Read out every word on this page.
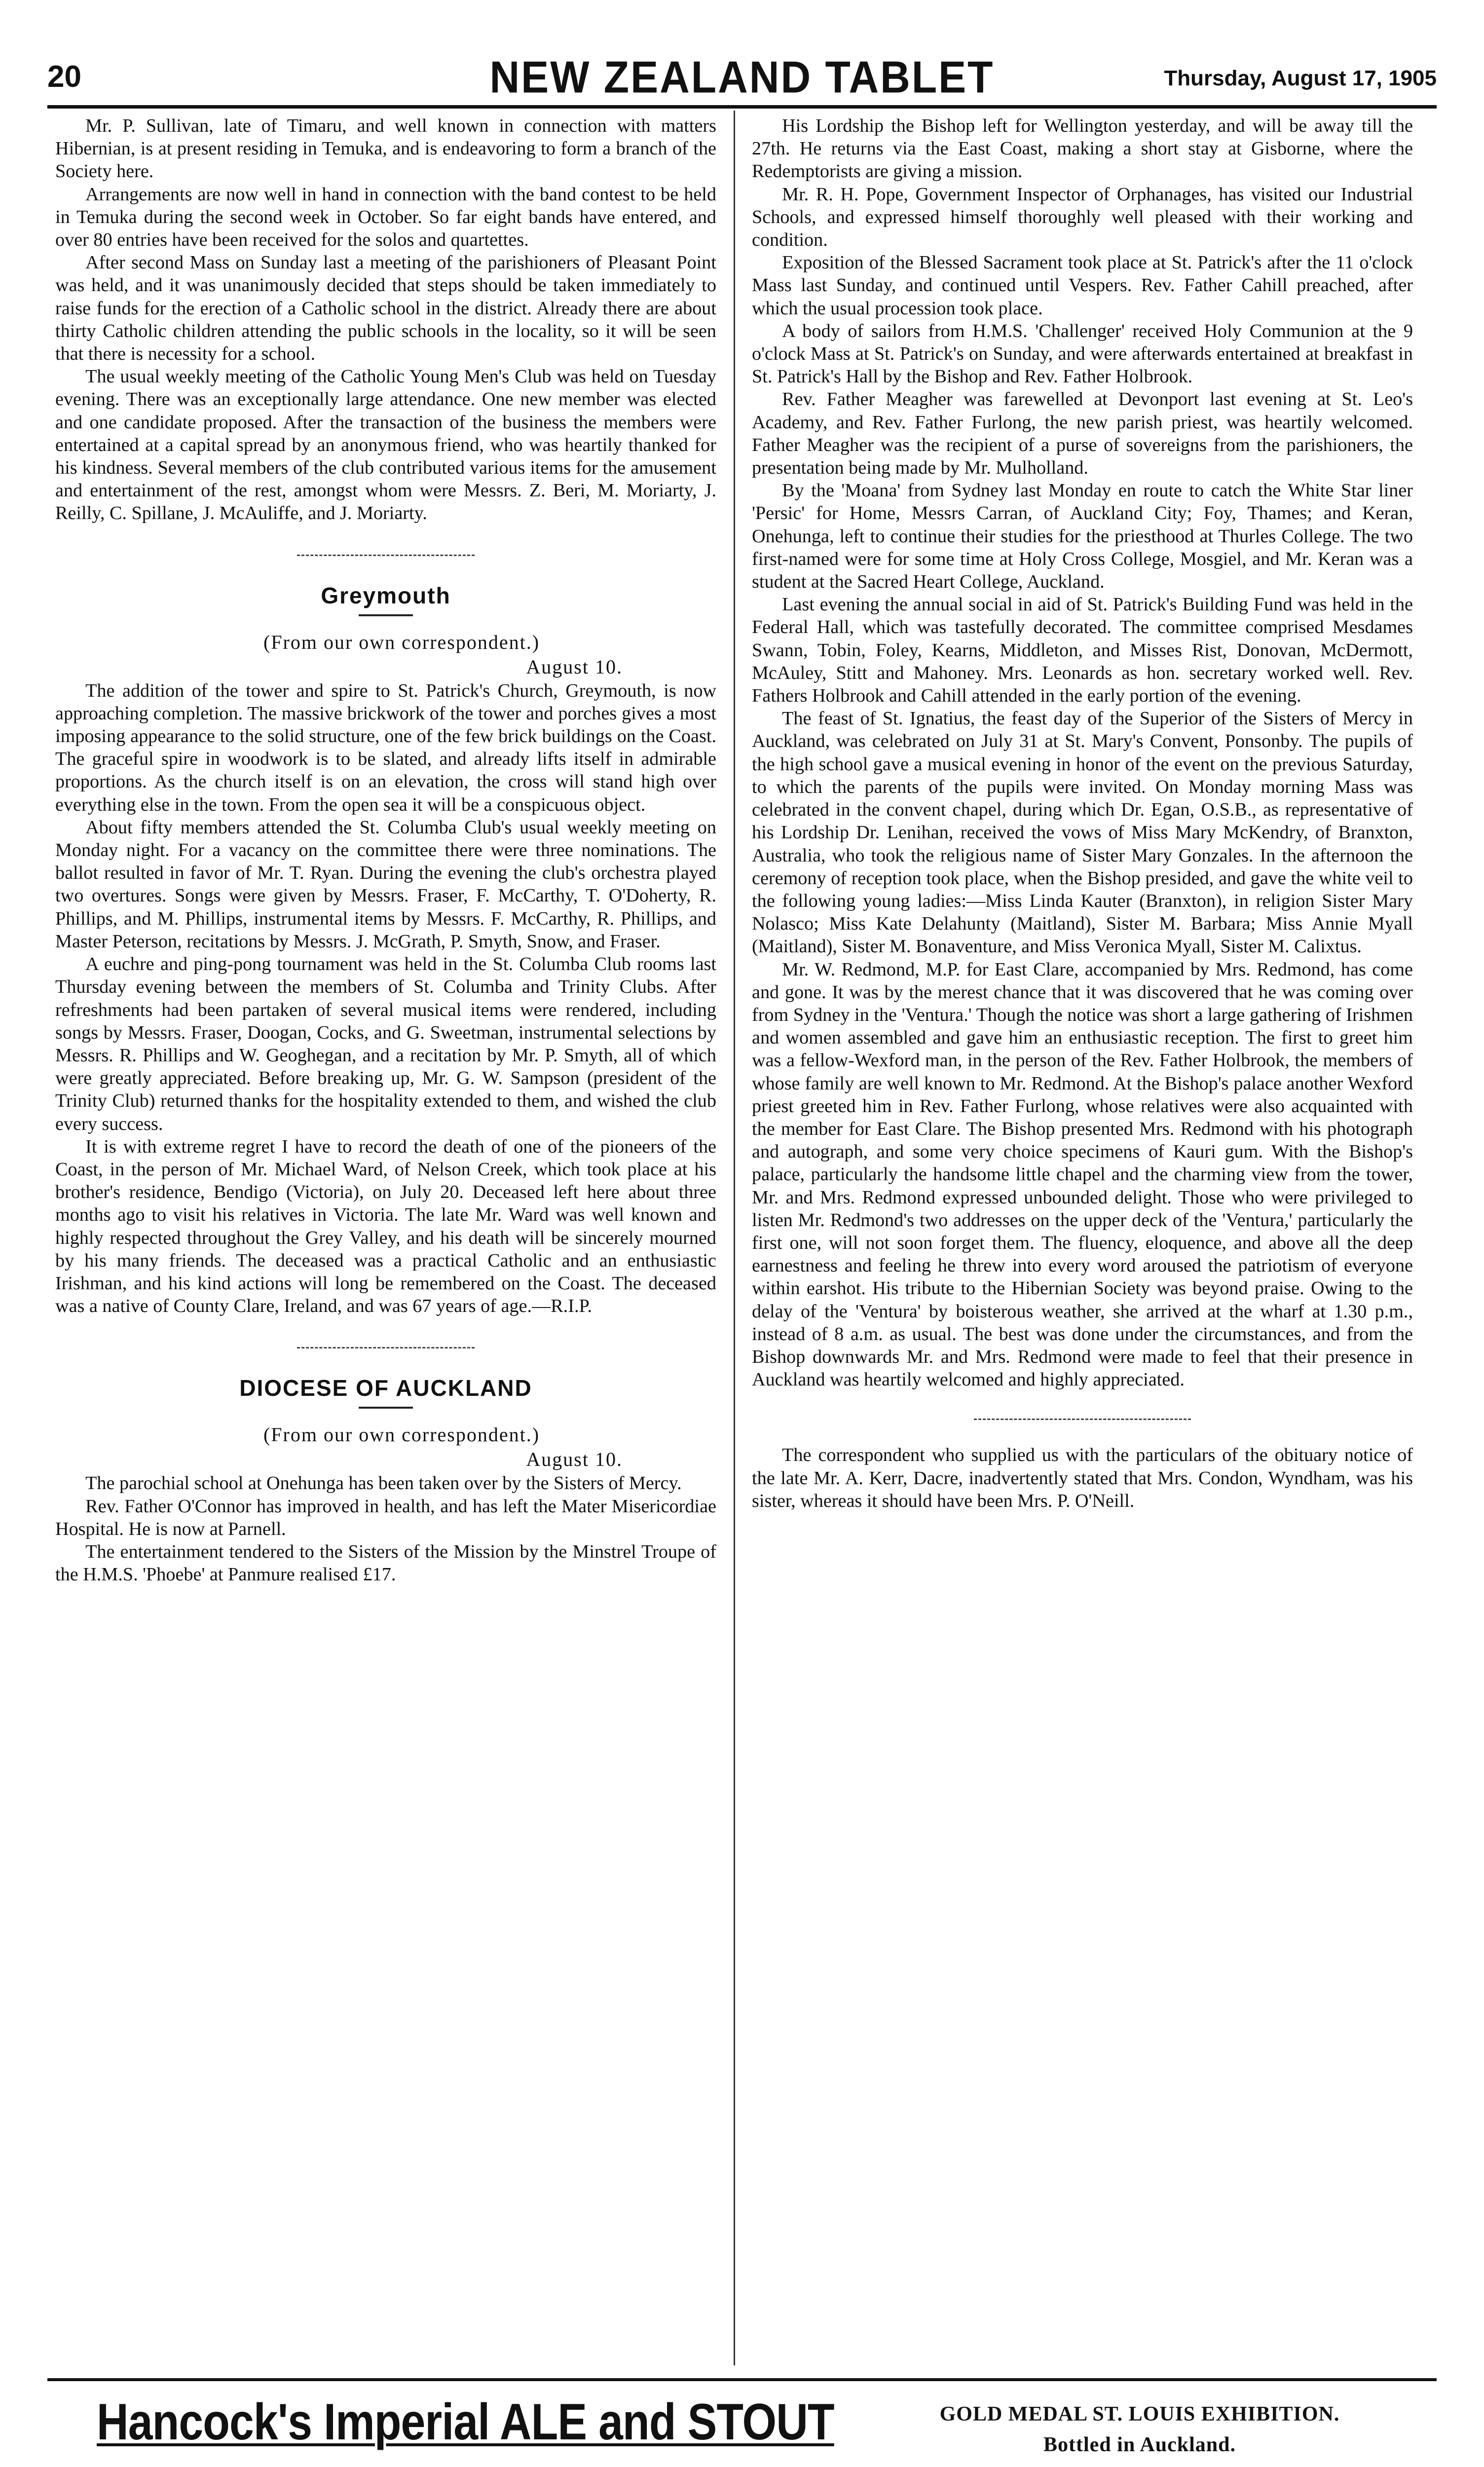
20	NEW ZEALAND TABLET	Thursday, August 17, 1905

Mr. P. Sullivan, late of Timaru, and well known in connection with matters Hibernian, is at present residing in Temuka, and is endeavoring to form a branch of the Society here.

Arrangements are now well in hand in connection with the band contest to be held in Temuka during the second week in October. So far eight bands have entered, and over 80 entries have been received for the solos and quartettes.

After second Mass on Sunday last a meeting of the parishioners of Pleasant Point was held, and it was unanimously decided that steps should be taken immediately to raise funds for the erection of a Catholic school in the district. Already there are about thirty Catholic children attending the public schools in the locality, so it will be seen that there is necessity for a school.

The usual weekly meeting of the Catholic Young Men's Club was held on Tuesday evening. There was an exceptionally large attendance. One new member was elected and one candidate proposed. After the transaction of the business the members were entertained at a capital spread by an anonymous friend, who was heartily thanked for his kindness. Several members of the club contributed various items for the amusement and entertainment of the rest, amongst whom were Messrs. Z. Beri, M. Moriarty, J. Reilly, C. Spillane, J. McAuliffe, and J. Moriarty.

Greymouth

(From our own correspondent.)

August 10.

The addition of the tower and spire to St. Patrick's Church, Greymouth, is now approaching completion. The massive brickwork of the tower and porches gives a most imposing appearance to the solid structure, one of the few brick buildings on the Coast. The graceful spire in woodwork is to be slated, and already lifts itself in admirable proportions. As the church itself is on an elevation, the cross will stand high over everything else in the town. From the open sea it will be a conspicuous object.

About fifty members attended the St. Columba Club's usual weekly meeting on Monday night. For a vacancy on the committee there were three nominations. The ballot resulted in favor of Mr. T. Ryan. During the evening the club's orchestra played two overtures. Songs were given by Messrs. Fraser, F. McCarthy, T. O'Doherty, R. Phillips, and M. Phillips, instrumental items by Messrs. F. McCarthy, R. Phillips, and Master Peterson, recitations by Messrs. J. McGrath, P. Smyth, Snow, and Fraser.

A euchre and ping-pong tournament was held in the St. Columba Club rooms last Thursday evening between the members of St. Columba and Trinity Clubs. After refreshments had been partaken of several musical items were rendered, including songs by Messrs. Fraser, Doogan, Cocks, and G. Sweetman, instrumental selections by Messrs. R. Phillips and W. Geoghegan, and a recitation by Mr. P. Smyth, all of which were greatly appreciated. Before breaking up, Mr. G. W. Sampson (president of the Trinity Club) returned thanks for the hospitality extended to them, and wished the club every success.

It is with extreme regret I have to record the death of one of the pioneers of the Coast, in the person of Mr. Michael Ward, of Nelson Creek, which took place at his brother's residence, Bendigo (Victoria), on July 20. Deceased left here about three months ago to visit his relatives in Victoria. The late Mr. Ward was well known and highly respected throughout the Grey Valley, and his death will be sincerely mourned by his many friends. The deceased was a practical Catholic and an enthusiastic Irishman, and his kind actions will long be remembered on the Coast. The deceased was a native of County Clare, Ireland, and was 67 years of age.—R.I.P.

DIOCESE OF AUCKLAND

(From our own correspondent.)

August 10.

The parochial school at Onehunga has been taken over by the Sisters of Mercy.

Rev. Father O'Connor has improved in health, and has left the Mater Misericordiae Hospital. He is now at Parnell.

The entertainment tendered to the Sisters of the Mission by the Minstrel Troupe of the H.M.S. 'Phoebe' at Panmure realised £17.

His Lordship the Bishop left for Wellington yesterday, and will be away till the 27th. He returns via the East Coast, making a short stay at Gisborne, where the Redemptorists are giving a mission.

Mr. R. H. Pope, Government Inspector of Orphanages, has visited our Industrial Schools, and expressed himself thoroughly well pleased with their working and condition.

Exposition of the Blessed Sacrament took place at St. Patrick's after the 11 o'clock Mass last Sunday, and continued until Vespers. Rev. Father Cahill preached, after which the usual procession took place.

A body of sailors from H.M.S. 'Challenger' received Holy Communion at the 9 o'clock Mass at St. Patrick's on Sunday, and were afterwards entertained at breakfast in St. Patrick's Hall by the Bishop and Rev. Father Holbrook.

Rev. Father Meagher was farewelled at Devonport last evening at St. Leo's Academy, and Rev. Father Furlong, the new parish priest, was heartily welcomed. Father Meagher was the recipient of a purse of sovereigns from the parishioners, the presentation being made by Mr. Mulholland.

By the 'Moana' from Sydney last Monday en route to catch the White Star liner 'Persic' for Home, Messrs Carran, of Auckland City; Foy, Thames; and Keran, Onehunga, left to continue their studies for the priesthood at Thurles College. The two first-named were for some time at Holy Cross College, Mosgiel, and Mr. Keran was a student at the Sacred Heart College, Auckland.

Last evening the annual social in aid of St. Patrick's Building Fund was held in the Federal Hall, which was tastefully decorated. The committee comprised Mesdames Swann, Tobin, Foley, Kearns, Middleton, and Misses Rist, Donovan, McDermott, McAuley, Stitt and Mahoney. Mrs. Leonards as hon. secretary worked well. Rev. Fathers Holbrook and Cahill attended in the early portion of the evening.

The feast of St. Ignatius, the feast day of the Superior of the Sisters of Mercy in Auckland, was celebrated on July 31 at St. Mary's Convent, Ponsonby. The pupils of the high school gave a musical evening in honor of the event on the previous Saturday, to which the parents of the pupils were invited. On Monday morning Mass was celebrated in the convent chapel, during which Dr. Egan, O.S.B., as representative of his Lordship Dr. Lenihan, received the vows of Miss Mary McKendry, of Branxton, Australia, who took the religious name of Sister Mary Gonzales. In the afternoon the ceremony of reception took place, when the Bishop presided, and gave the white veil to the following young ladies:—Miss Linda Kauter (Branxton), in religion Sister Mary Nolasco; Miss Kate Delahunty (Maitland), Sister M. Barbara; Miss Annie Myall (Maitland), Sister M. Bonaventure, and Miss Veronica Myall, Sister M. Calixtus.

Mr. W. Redmond, M.P. for East Clare, accompanied by Mrs. Redmond, has come and gone. It was by the merest chance that it was discovered that he was coming over from Sydney in the 'Ventura.' Though the notice was short a large gathering of Irishmen and women assembled and gave him an enthusiastic reception. The first to greet him was a fellow-Wexford man, in the person of the Rev. Father Holbrook, the members of whose family are well known to Mr. Redmond. At the Bishop's palace another Wexford priest greeted him in Rev. Father Furlong, whose relatives were also acquainted with the member for East Clare. The Bishop presented Mrs. Redmond with his photograph and autograph, and some very choice specimens of Kauri gum. With the Bishop's palace, particularly the handsome little chapel and the charming view from the tower, Mr. and Mrs. Redmond expressed unbounded delight. Those who were privileged to listen Mr. Redmond's two addresses on the upper deck of the 'Ventura,' particularly the first one, will not soon forget them. The fluency, eloquence, and above all the deep earnestness and feeling he threw into every word aroused the patriotism of everyone within earshot. His tribute to the Hibernian Society was beyond praise. Owing to the delay of the 'Ventura' by boisterous weather, she arrived at the wharf at 1.30 p.m., instead of 8 a.m. as usual. The best was done under the circumstances, and from the Bishop downwards Mr. and Mrs. Redmond were made to feel that their presence in Auckland was heartily welcomed and highly appreciated.

The correspondent who supplied us with the particulars of the obituary notice of the late Mr. A. Kerr, Dacre, inadvertently stated that Mrs. Condon, Wyndham, was his sister, whereas it should have been Mrs. P. O'Neill.

Hancock's Imperial ALE and STOUT	GOLD MEDAL ST. LOUIS EXHIBITION.
Bottled in Auckland.
